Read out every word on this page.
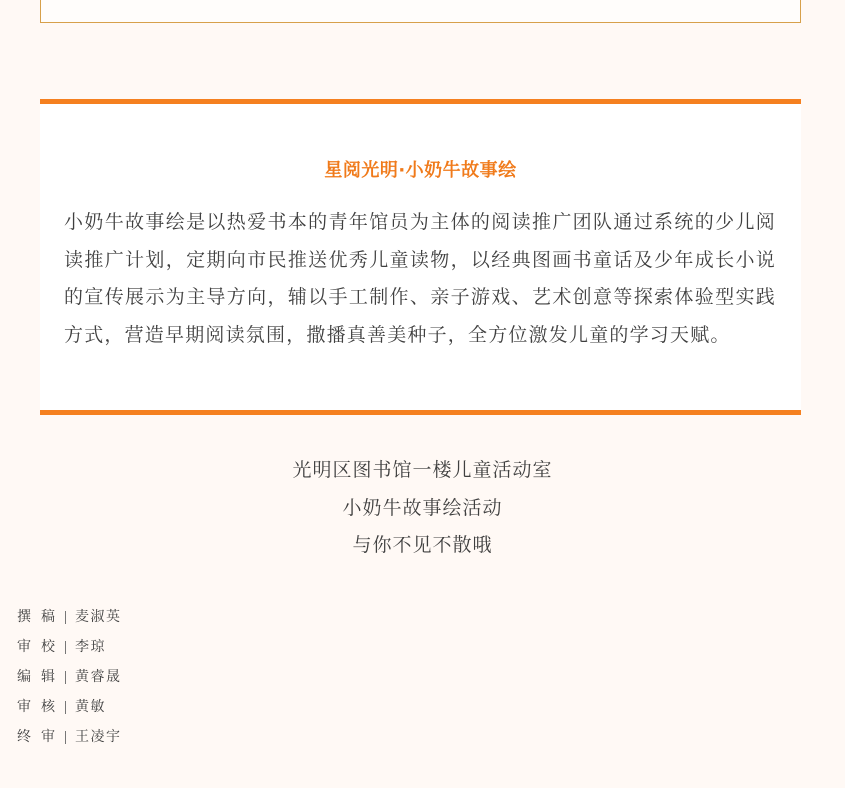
星阅光明·小奶牛故事绘
小奶牛故事绘是以热爱书本的青年馆员为主体的阅读推广团队通过系统的少儿阅读推广计划，定期向市民推送优秀儿童读物，以经典图画书童话及少年成长小说的宣传展示为主导方向，辅以手工制作、亲子游戏、艺术创意等探索体验型实践方式，营造早期阅读氛围，撒播真善美种子，全方位激发儿童的学习天赋。
光明区图书馆一楼儿童活动室
小奶牛故事绘活动
与你不见不散哦
撰稿 麦淑英
审校 李琼
编辑 黄睿晟
审核 黄敏
终审 王凌宇
